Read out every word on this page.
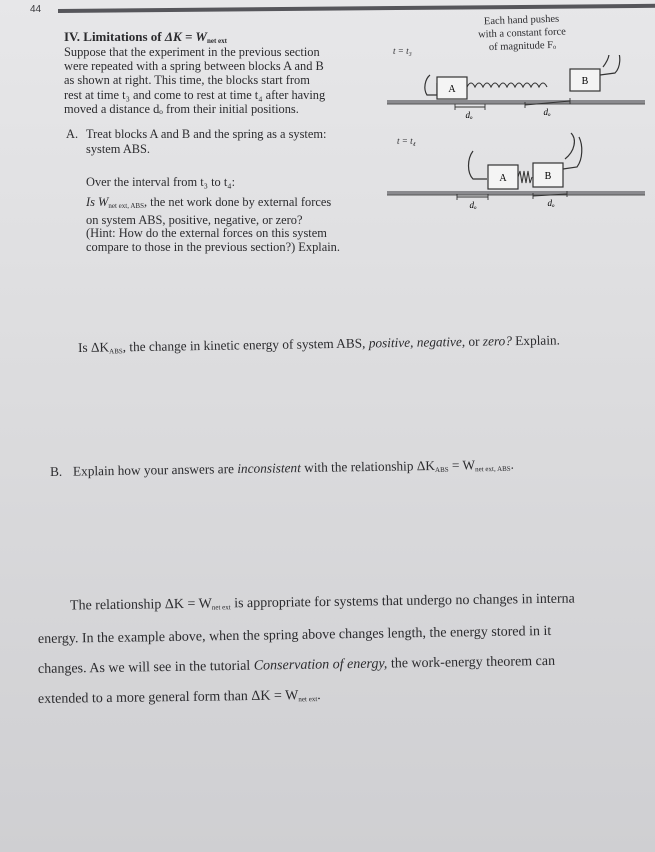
44
IV. Limitations of $\Delta K = W_{net ext}$
Suppose that the experiment in the previous section
were repeated with a spring between blocks A and B
as shown at right. This time, the blocks start from
rest at time t₃ and come to rest at time t₄ after having
moved a distance dₒ from their initial positions.
Each hand pushes
with a constant force
of magnitude Fₒ
t = t₃
t = t₄
A
B
dₒ	dₒ
A	B
dₒ	dₒ
A. Treat blocks A and B and the spring as a system:
system ABS.
Over the interval from t₃ to t₄:
Is $W_{net ext, ABS}$, the net work done by external forces
on system ABS, positive, negative, or zero?
(Hint: How do the external forces on this system
compare to those in the previous section?) Explain.
Is $\Delta K_{ABS}$, the change in kinetic energy of system ABS, positive, negative, or zero? Explain.
B. Explain how your answers are inconsistent with the relationship $\Delta K_{ABS} = W_{net ext, ABS}$.
The relationship $\Delta K = W_{net ext}$ is appropriate for systems that undergo no changes in interna
energy. In the example above, when the spring above changes length, the energy stored in it
changes. As we will see in the tutorial Conservation of energy, the work-energy theorem can
extended to a more general form than $\Delta K = W_{net ext}$.
